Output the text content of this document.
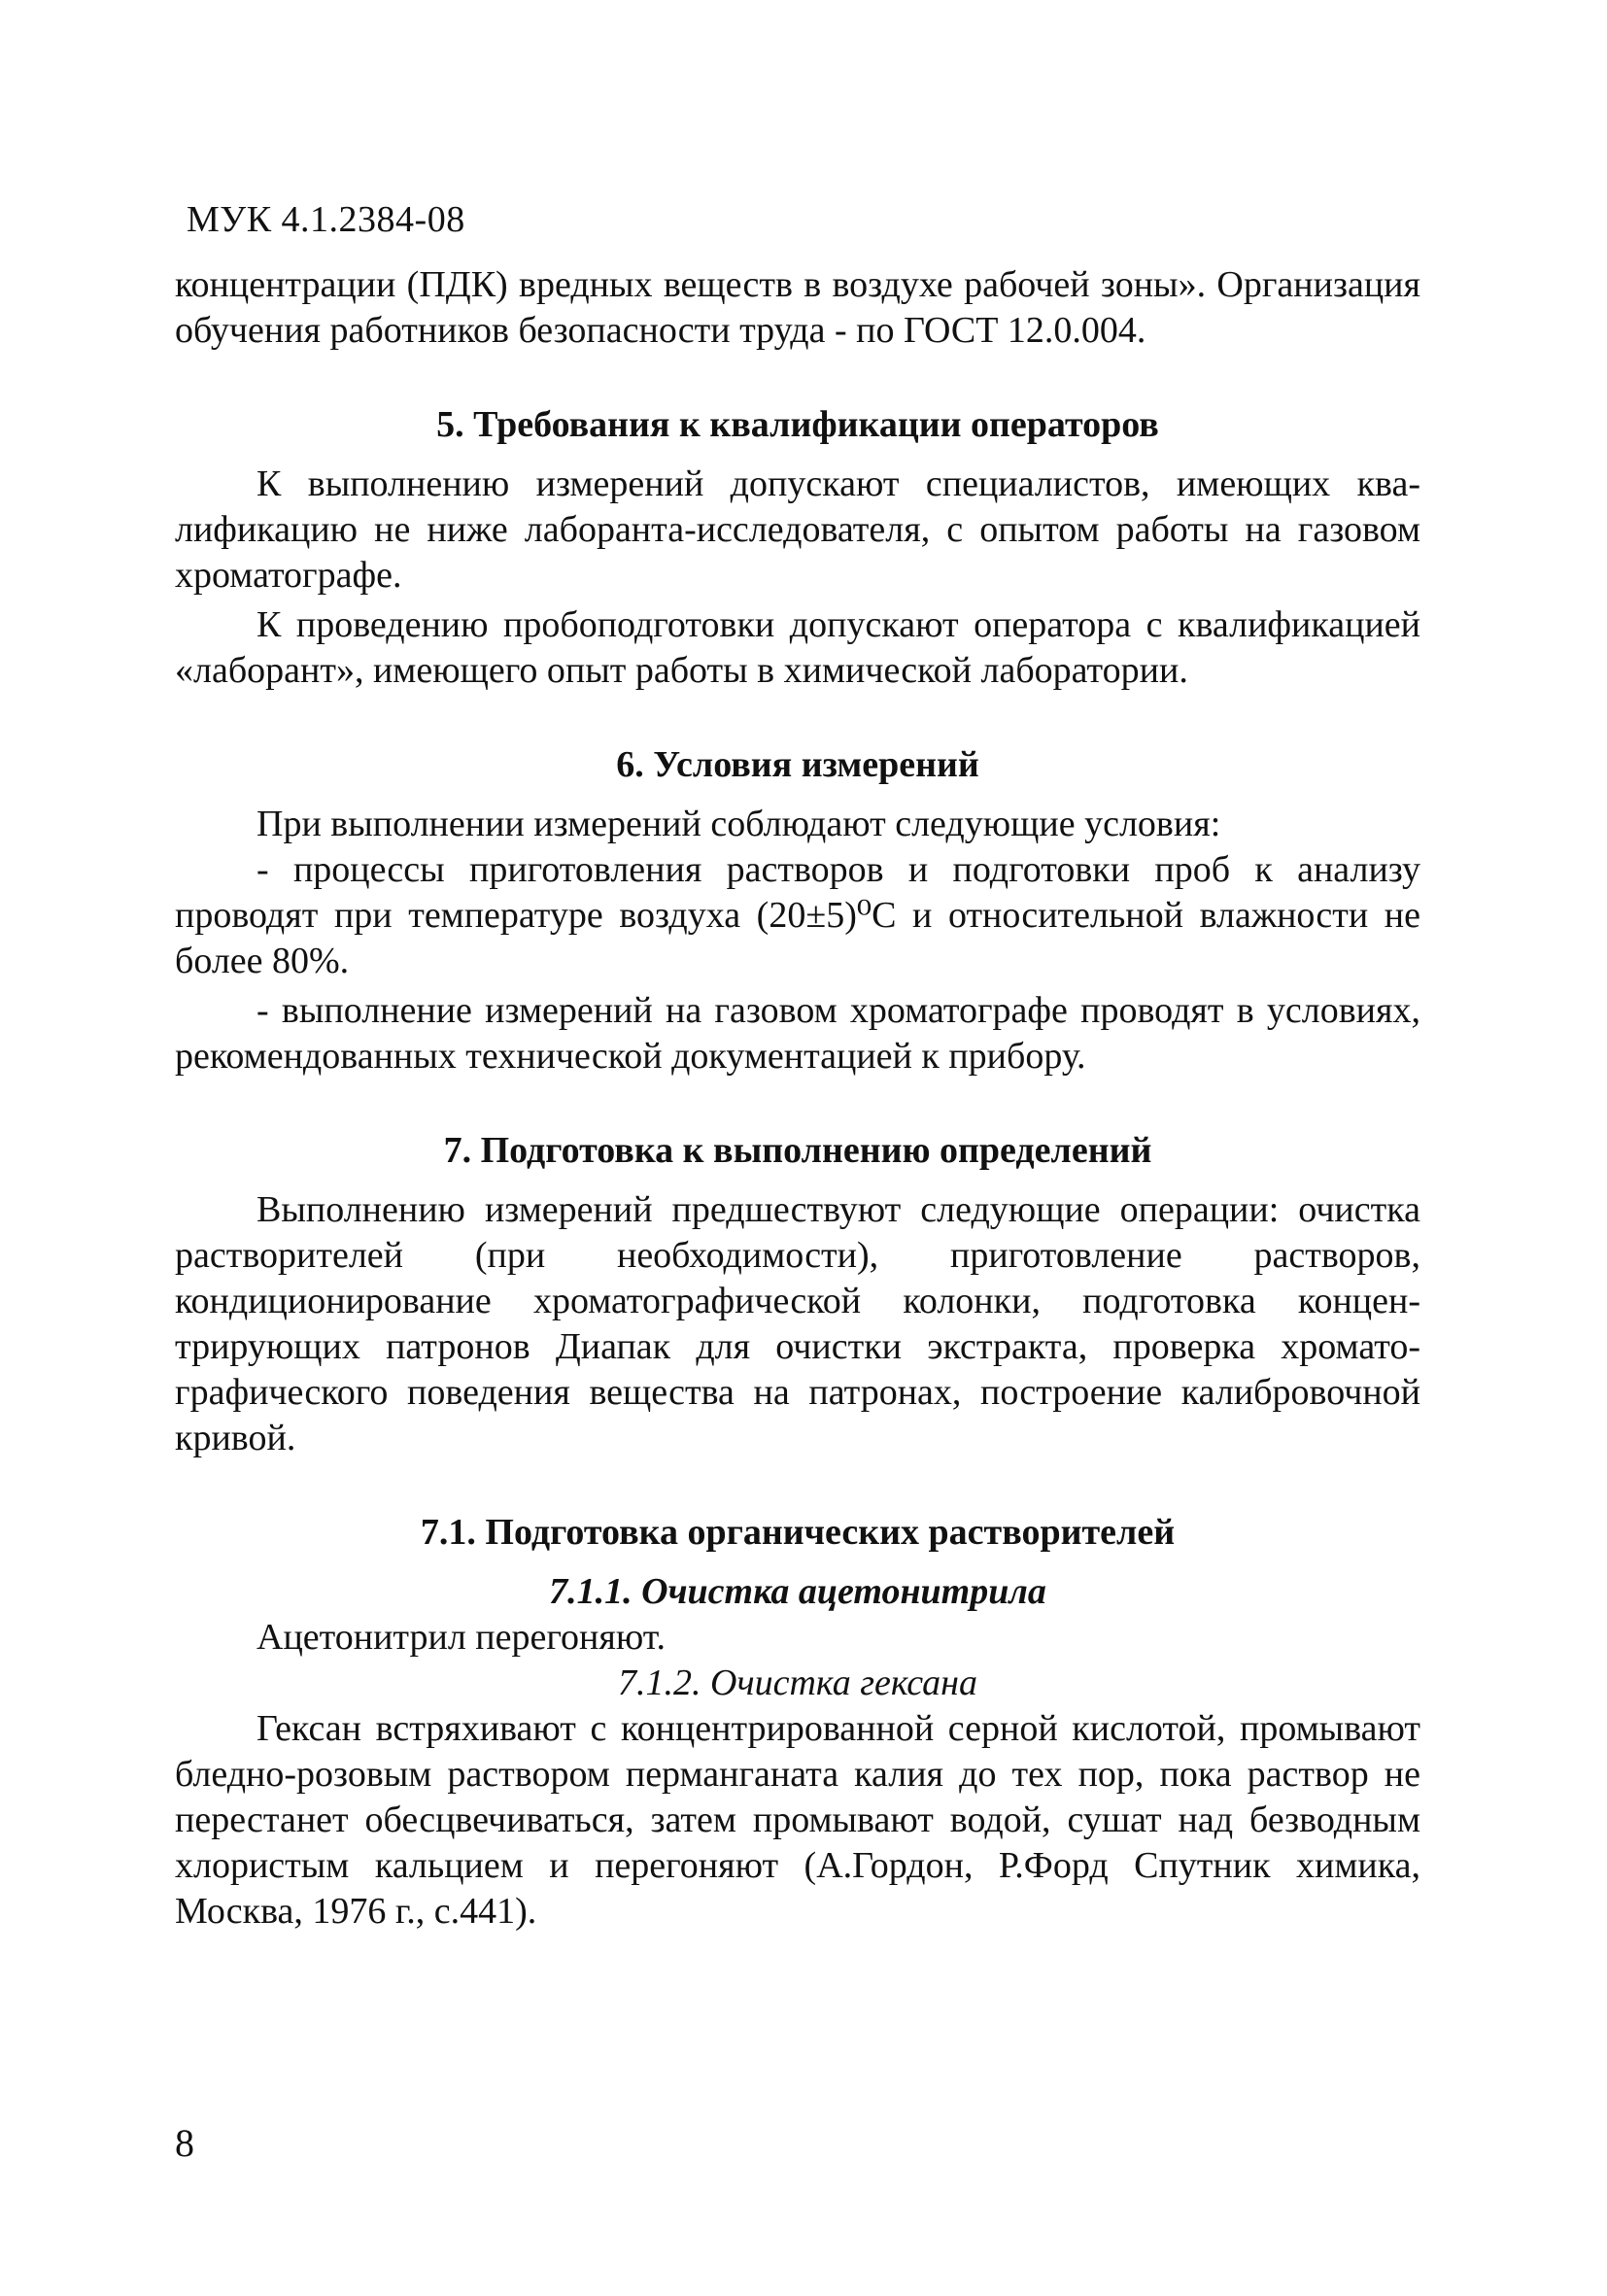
МУК 4.1.2384-08

концентрации (ПДК) вредных веществ в воздухе рабочей зоны». Организация обучения работников безопасности труда - по ГОСТ 12.0.004.

5. Требования к квалификации операторов

К выполнению измерений допускают специалистов, имеющих квалификацию не ниже лаборанта-исследователя, с опытом работы на газовом хроматографе.

К проведению пробоподготовки допускают оператора с квалификацией «лаборант», имеющего опыт работы в химической лаборатории.

6. Условия измерений

При выполнении измерений соблюдают следующие условия:

- процессы приготовления растворов и подготовки проб к анализу проводят при температуре воздуха (20±5)⁰С и относительной влажности не более 80%.

- выполнение измерений на газовом хроматографе проводят в условиях, рекомендованных технической документацией к прибору.

7. Подготовка к выполнению определений

Выполнению измерений предшествуют следующие операции: очистка растворителей (при необходимости), приготовление растворов, кондиционирование хроматографической колонки, подготовка концентрирующих патронов Диапак для очистки экстракта, проверка хроматографического поведения вещества на патронах, построение калибровочной кривой.

7.1. Подготовка органических растворителей

7.1.1. Очистка ацетонитрила

Ацетонитрил перегоняют.

7.1.2. Очистка гексана

Гексан встряхивают с концентрированной серной кислотой, промывают бледно-розовым раствором перманганата калия до тех пор, пока раствор не перестанет обесцвечиваться, затем промывают водой, сушат над безводным хлористым кальцием и перегоняют (А.Гордон, Р.Форд Спутник химика, Москва, 1976 г., с.441).

8
